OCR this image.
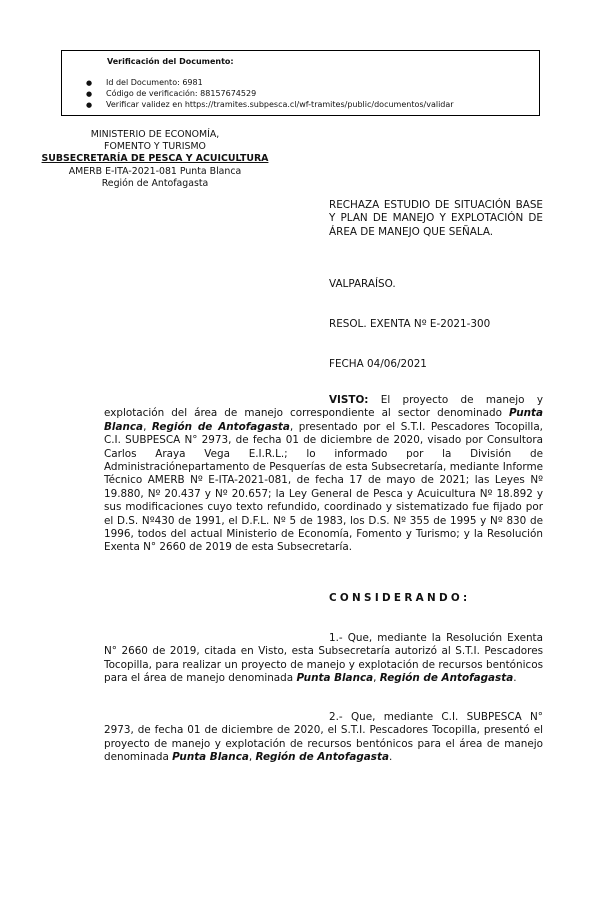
Verificación del Documento:
● Id del Documento: 6981
● Código de verificación: 88157674529
● Verificar validez en https://tramites.subpesca.cl/wf-tramites/public/documentos/validar
MINISTERIO DE ECONOMÍA,
FOMENTO Y TURISMO
SUBSECRETARÍA DE PESCA Y ACUICULTURA
AMERB E-ITA-2021-081 Punta Blanca
Región de Antofagasta
RECHAZA ESTUDIO DE SITUACIÓN BASE Y PLAN DE MANEJO Y EXPLOTACIÓN DE ÁREA DE MANEJO QUE SEÑALA.
VALPARAÍSO.
RESOL. EXENTA Nº E-2021-300
FECHA 04/06/2021
VISTO: El proyecto de manejo y explotación del área de manejo correspondiente al sector denominado Punta Blanca, Región de Antofagasta, presentado por el S.T.I. Pescadores Tocopilla, C.I. SUBPESCA N° 2973, de fecha 01 de diciembre de 2020, visado por Consultora Carlos Araya Vega E.I.R.L.; lo informado por la División de Administraciónepartamento de Pesquerías de esta Subsecretaría, mediante Informe Técnico AMERB Nº E-ITA-2021-081, de fecha 17 de mayo de 2021; las Leyes Nº 19.880, Nº 20.437 y Nº 20.657; la Ley General de Pesca y Acuicultura Nº 18.892 y sus modificaciones cuyo texto refundido, coordinado y sistematizado fue fijado por el D.S. Nº430 de 1991, el D.F.L. Nº 5 de 1983, los D.S. Nº 355 de 1995 y Nº 830 de 1996, todos del actual Ministerio de Economía, Fomento y Turismo; y la Resolución Exenta N° 2660 de 2019 de esta Subsecretaría.
CONSIDERANDO:
1.- Que, mediante la Resolución Exenta N° 2660 de 2019, citada en Visto, esta Subsecretaría autorizó al S.T.I. Pescadores Tocopilla, para realizar un proyecto de manejo y explotación de recursos bentónicos para el área de manejo denominada Punta Blanca, Región de Antofagasta.
2.- Que, mediante C.I. SUBPESCA N° 2973, de fecha 01 de diciembre de 2020, el S.T.I. Pescadores Tocopilla, presentó el proyecto de manejo y explotación de recursos bentónicos para el área de manejo denominada Punta Blanca, Región de Antofagasta.
